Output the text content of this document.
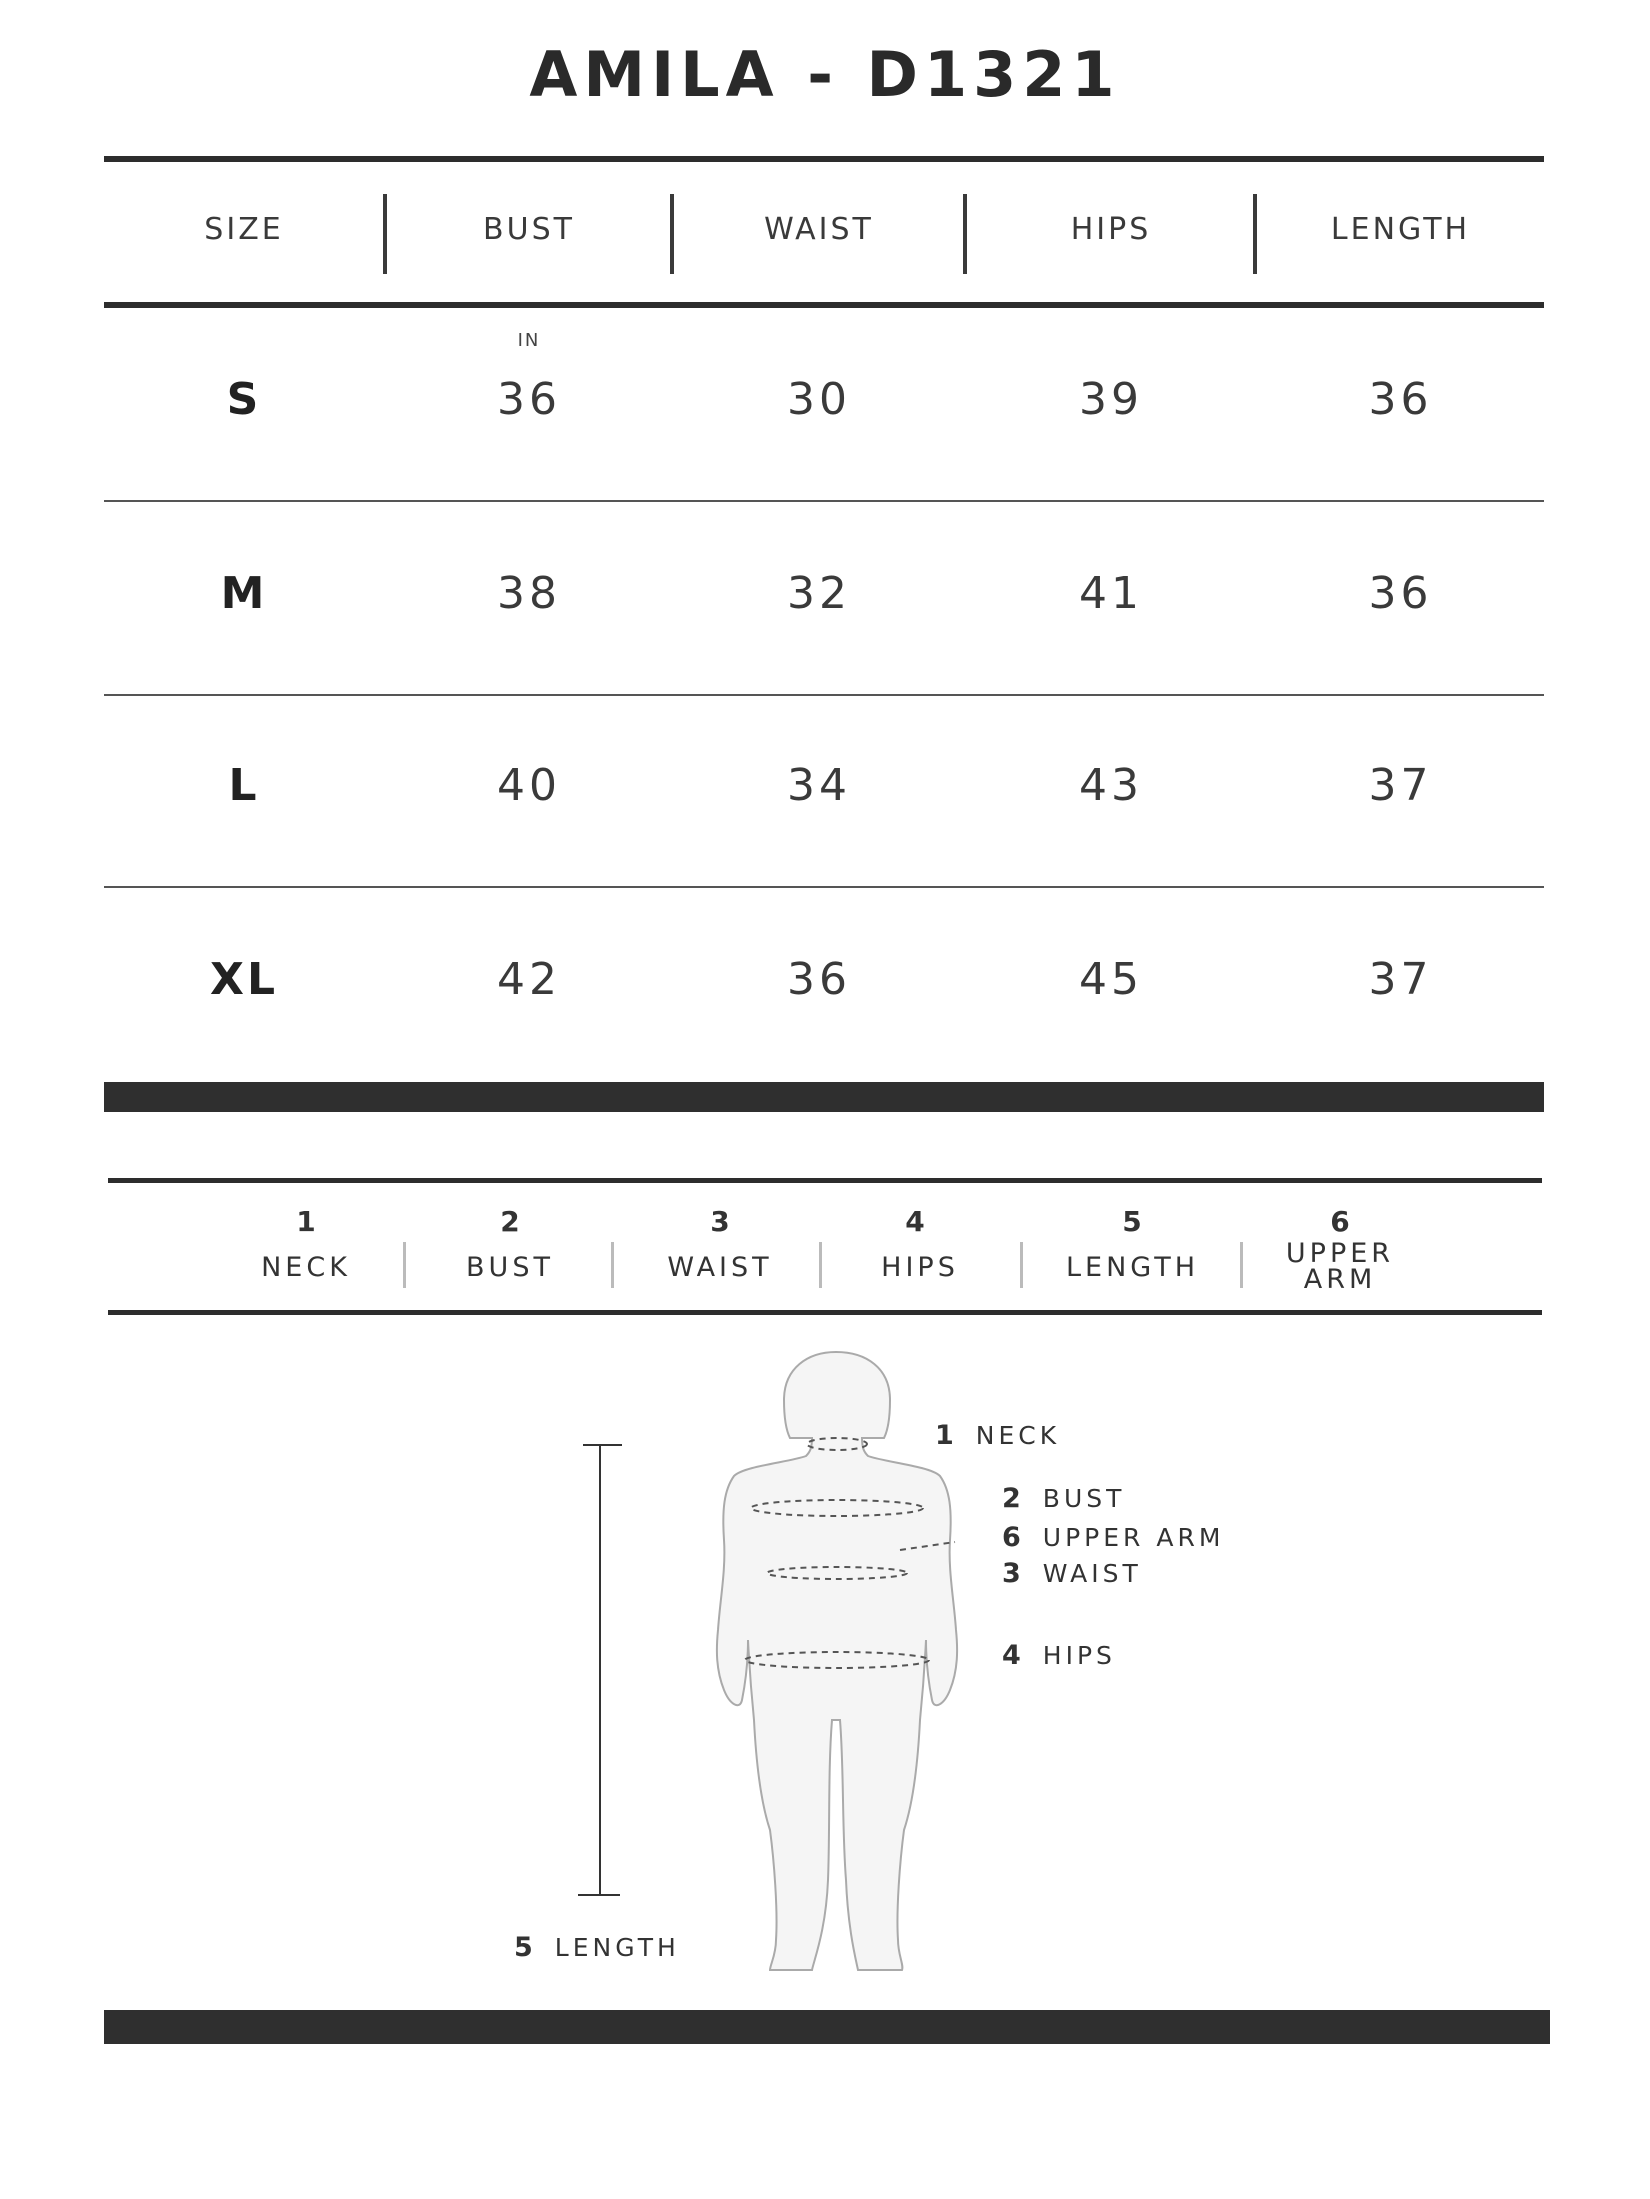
AMILA - D1321
SIZE	BUST	WAIST	HIPS	LENGTH
IN
S	36	30	39	36
M	38	32	41	36
L	40	34	43	37
XL	42	36	45	37
1
NECK
2
BUST
3
WAIST
4
HIPS
5
LENGTH
6
UPPER ARM
1 NECK
2 BUST
6 UPPER ARM
3 WAIST
4 HIPS
5 LENGTH
